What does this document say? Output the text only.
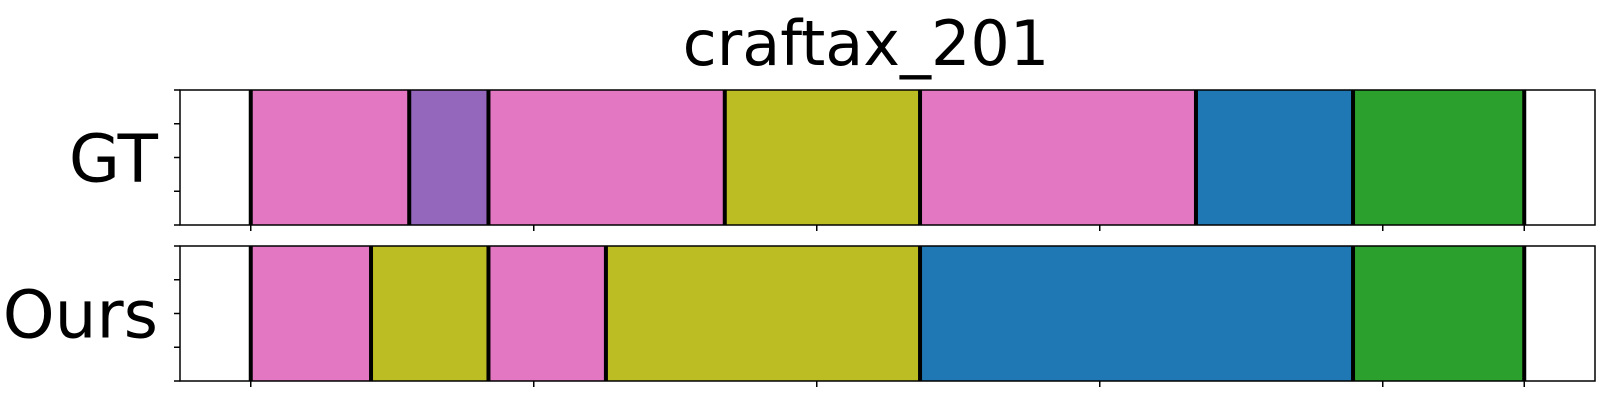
craftax_201
GT
Ours
